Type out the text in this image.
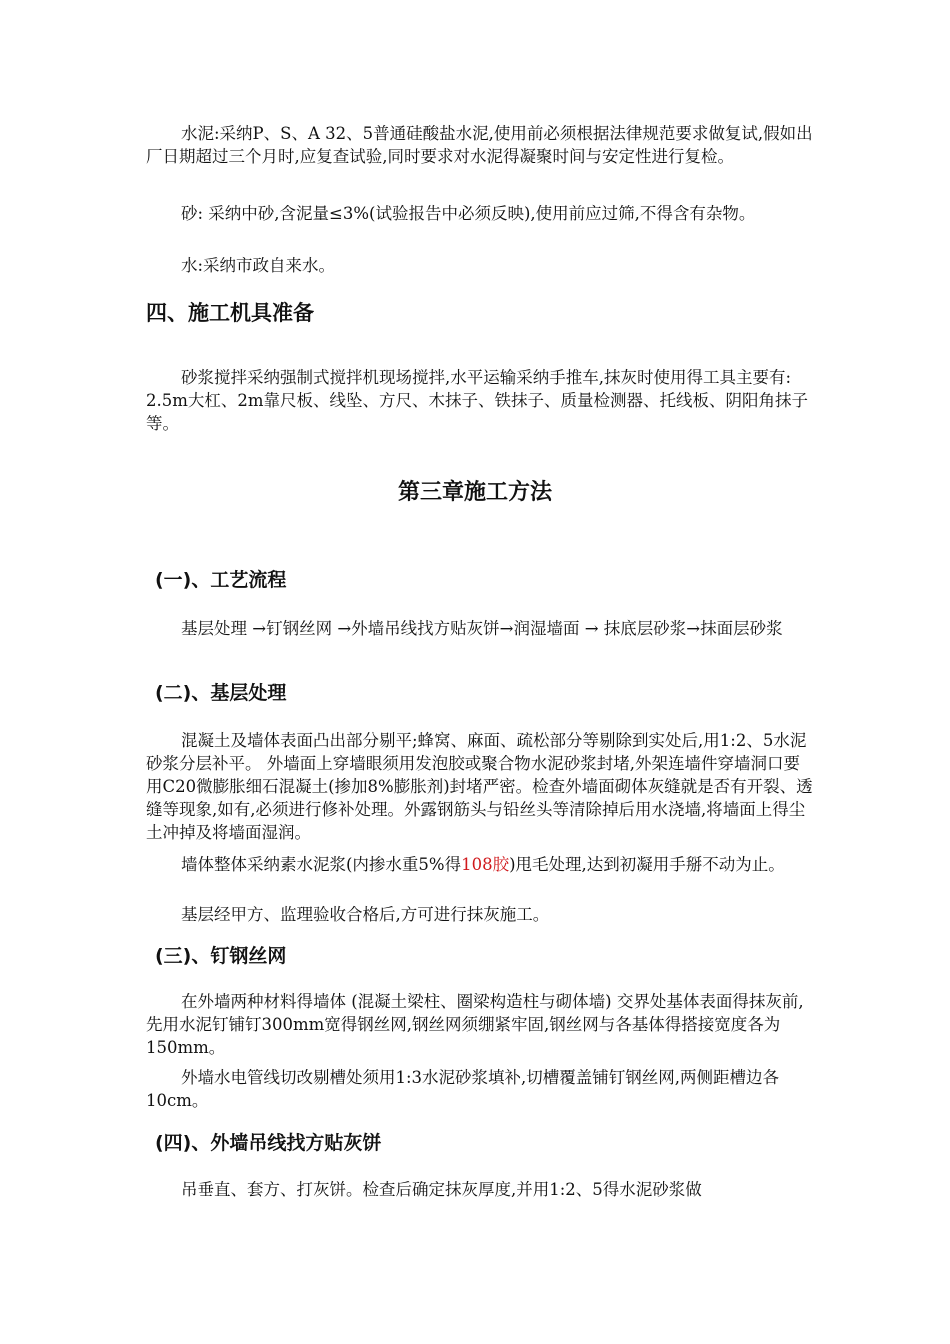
水泥:采纳P、S、A 32、5普通硅酸盐水泥,使用前必须根据法律规范要求做复试,假如出厂日期超过三个月时,应复查试验,同时要求对水泥得凝聚时间与安定性进行复检。

砂: 采纳中砂,含泥量≤3%(试验报告中必须反映),使用前应过筛,不得含有杂物。

水:采纳市政自来水。

四、施工机具准备

砂浆搅拌采纳强制式搅拌机现场搅拌,水平运输采纳手推车,抹灰时使用得工具主要有: 2.5m大杠、2m靠尺板、线坠、方尺、木抹子、铁抹子、质量检测器、托线板、阴阳角抹子等。

第三章施工方法
(一)、工艺流程

基层处理 →钉钢丝网 →外墙吊线找方贴灰饼→润湿墙面 → 抹底层砂浆→抹面层砂浆

(二)、基层处理

混凝土及墙体表面凸出部分剔平;蜂窝、麻面、疏松部分等剔除到实处后,用1:2、5水泥砂浆分层补平。 外墙面上穿墙眼须用发泡胶或聚合物水泥砂浆封堵,外架连墙件穿墙洞口要用C20微膨胀细石混凝土(掺加8%膨胀剂)封堵严密。检查外墙面砌体灰缝就是否有开裂、透缝等现象,如有,必须进行修补处理。外露钢筋头与铅丝头等清除掉后用水浇墙,将墙面上得尘土冲掉及将墙面湿润。

墙体整体采纳素水泥浆(内掺水重5%得108胶)甩毛处理,达到初凝用手掰不动为止。

基层经甲方、监理验收合格后,方可进行抹灰施工。

(三)、钉钢丝网

在外墙两种材料得墙体 (混凝土梁柱、圈梁构造柱与砌体墙) 交界处基体表面得抹灰前,先用水泥钉铺钉300mm宽得钢丝网,钢丝网须绷紧牢固,钢丝网与各基体得搭接宽度各为150mm。

外墙水电管线切改剔槽处须用1:3水泥砂浆填补,切槽覆盖铺钉钢丝网,两侧距槽边各10cm。

(四)、外墙吊线找方贴灰饼

吊垂直、套方、打灰饼。检查后确定抹灰厚度,并用1:2、5得水泥砂浆做
